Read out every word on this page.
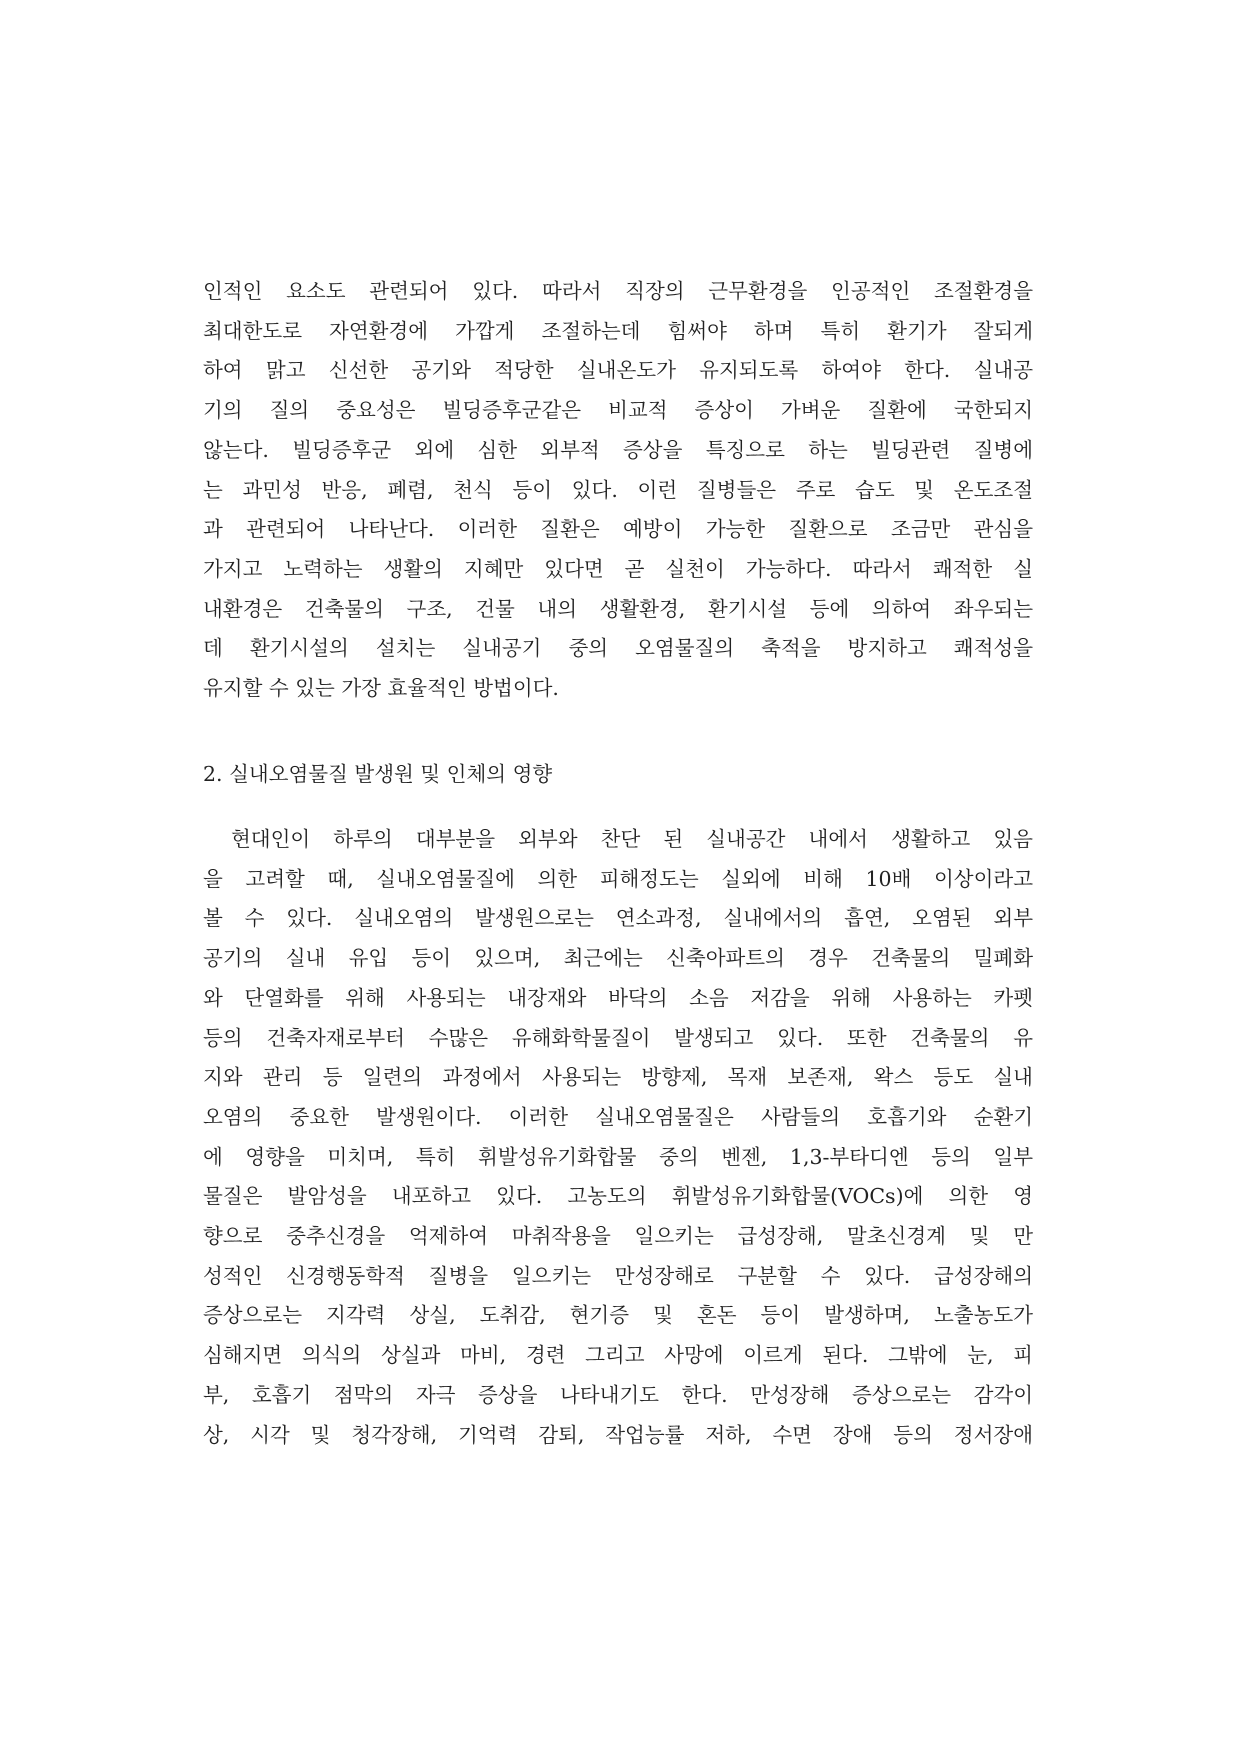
인적인 요소도 관련되어 있다. 따라서 직장의 근무환경을 인공적인 조절환경을
최대한도로 자연환경에 가깝게 조절하는데 힘써야 하며 특히 환기가 잘되게
하여 맑고 신선한 공기와 적당한 실내온도가 유지되도록 하여야 한다. 실내공
기의 질의 중요성은 빌딩증후군같은 비교적 증상이 가벼운 질환에 국한되지
않는다. 빌딩증후군 외에 심한 외부적 증상을 특징으로 하는 빌딩관련 질병에
는 과민성 반응, 폐렴, 천식 등이 있다. 이런 질병들은 주로 습도 및 온도조절
과 관련되어 나타난다. 이러한 질환은 예방이 가능한 질환으로 조금만 관심을
가지고 노력하는 생활의 지혜만 있다면 곧 실천이 가능하다. 따라서 쾌적한 실
내환경은 건축물의 구조, 건물 내의 생활환경, 환기시설 등에 의하여 좌우되는
데 환기시설의 설치는 실내공기 중의 오염물질의 축적을 방지하고 쾌적성을
유지할 수 있는 가장 효율적인 방법이다.
2. 실내오염물질 발생원 및 인체의 영향
현대인이 하루의 대부분을 외부와 찬단 된 실내공간 내에서 생활하고 있음
을 고려할 때, 실내오염물질에 의한 피해정도는 실외에 비해 10배 이상이라고
볼 수 있다. 실내오염의 발생원으로는 연소과정, 실내에서의 흡연, 오염된 외부
공기의 실내 유입 등이 있으며, 최근에는 신축아파트의 경우 건축물의 밀폐화
와 단열화를 위해 사용되는 내장재와 바닥의 소음 저감을 위해 사용하는 카펫
등의 건축자재로부터 수많은 유해화학물질이 발생되고 있다. 또한 건축물의 유
지와 관리 등 일련의 과정에서 사용되는 방향제, 목재 보존재, 왁스 등도 실내
오염의 중요한 발생원이다. 이러한 실내오염물질은 사람들의 호흡기와 순환기
에 영향을 미치며, 특히 휘발성유기화합물 중의 벤젠, 1,3-부타디엔 등의 일부
물질은 발암성을 내포하고 있다. 고농도의 휘발성유기화합물(VOCs)에 의한 영
향으로 중추신경을 억제하여 마취작용을 일으키는 급성장해, 말초신경계 및 만
성적인 신경행동학적 질병을 일으키는 만성장해로 구분할 수 있다. 급성장해의
증상으로는 지각력 상실, 도취감, 현기증 및 혼돈 등이 발생하며, 노출농도가
심해지면 의식의 상실과 마비, 경련 그리고 사망에 이르게 된다. 그밖에 눈, 피
부, 호흡기 점막의 자극 증상을 나타내기도 한다. 만성장해 증상으로는 감각이
상, 시각 및 청각장해, 기억력 감퇴, 작업능률 저하, 수면 장애 등의 정서장애
